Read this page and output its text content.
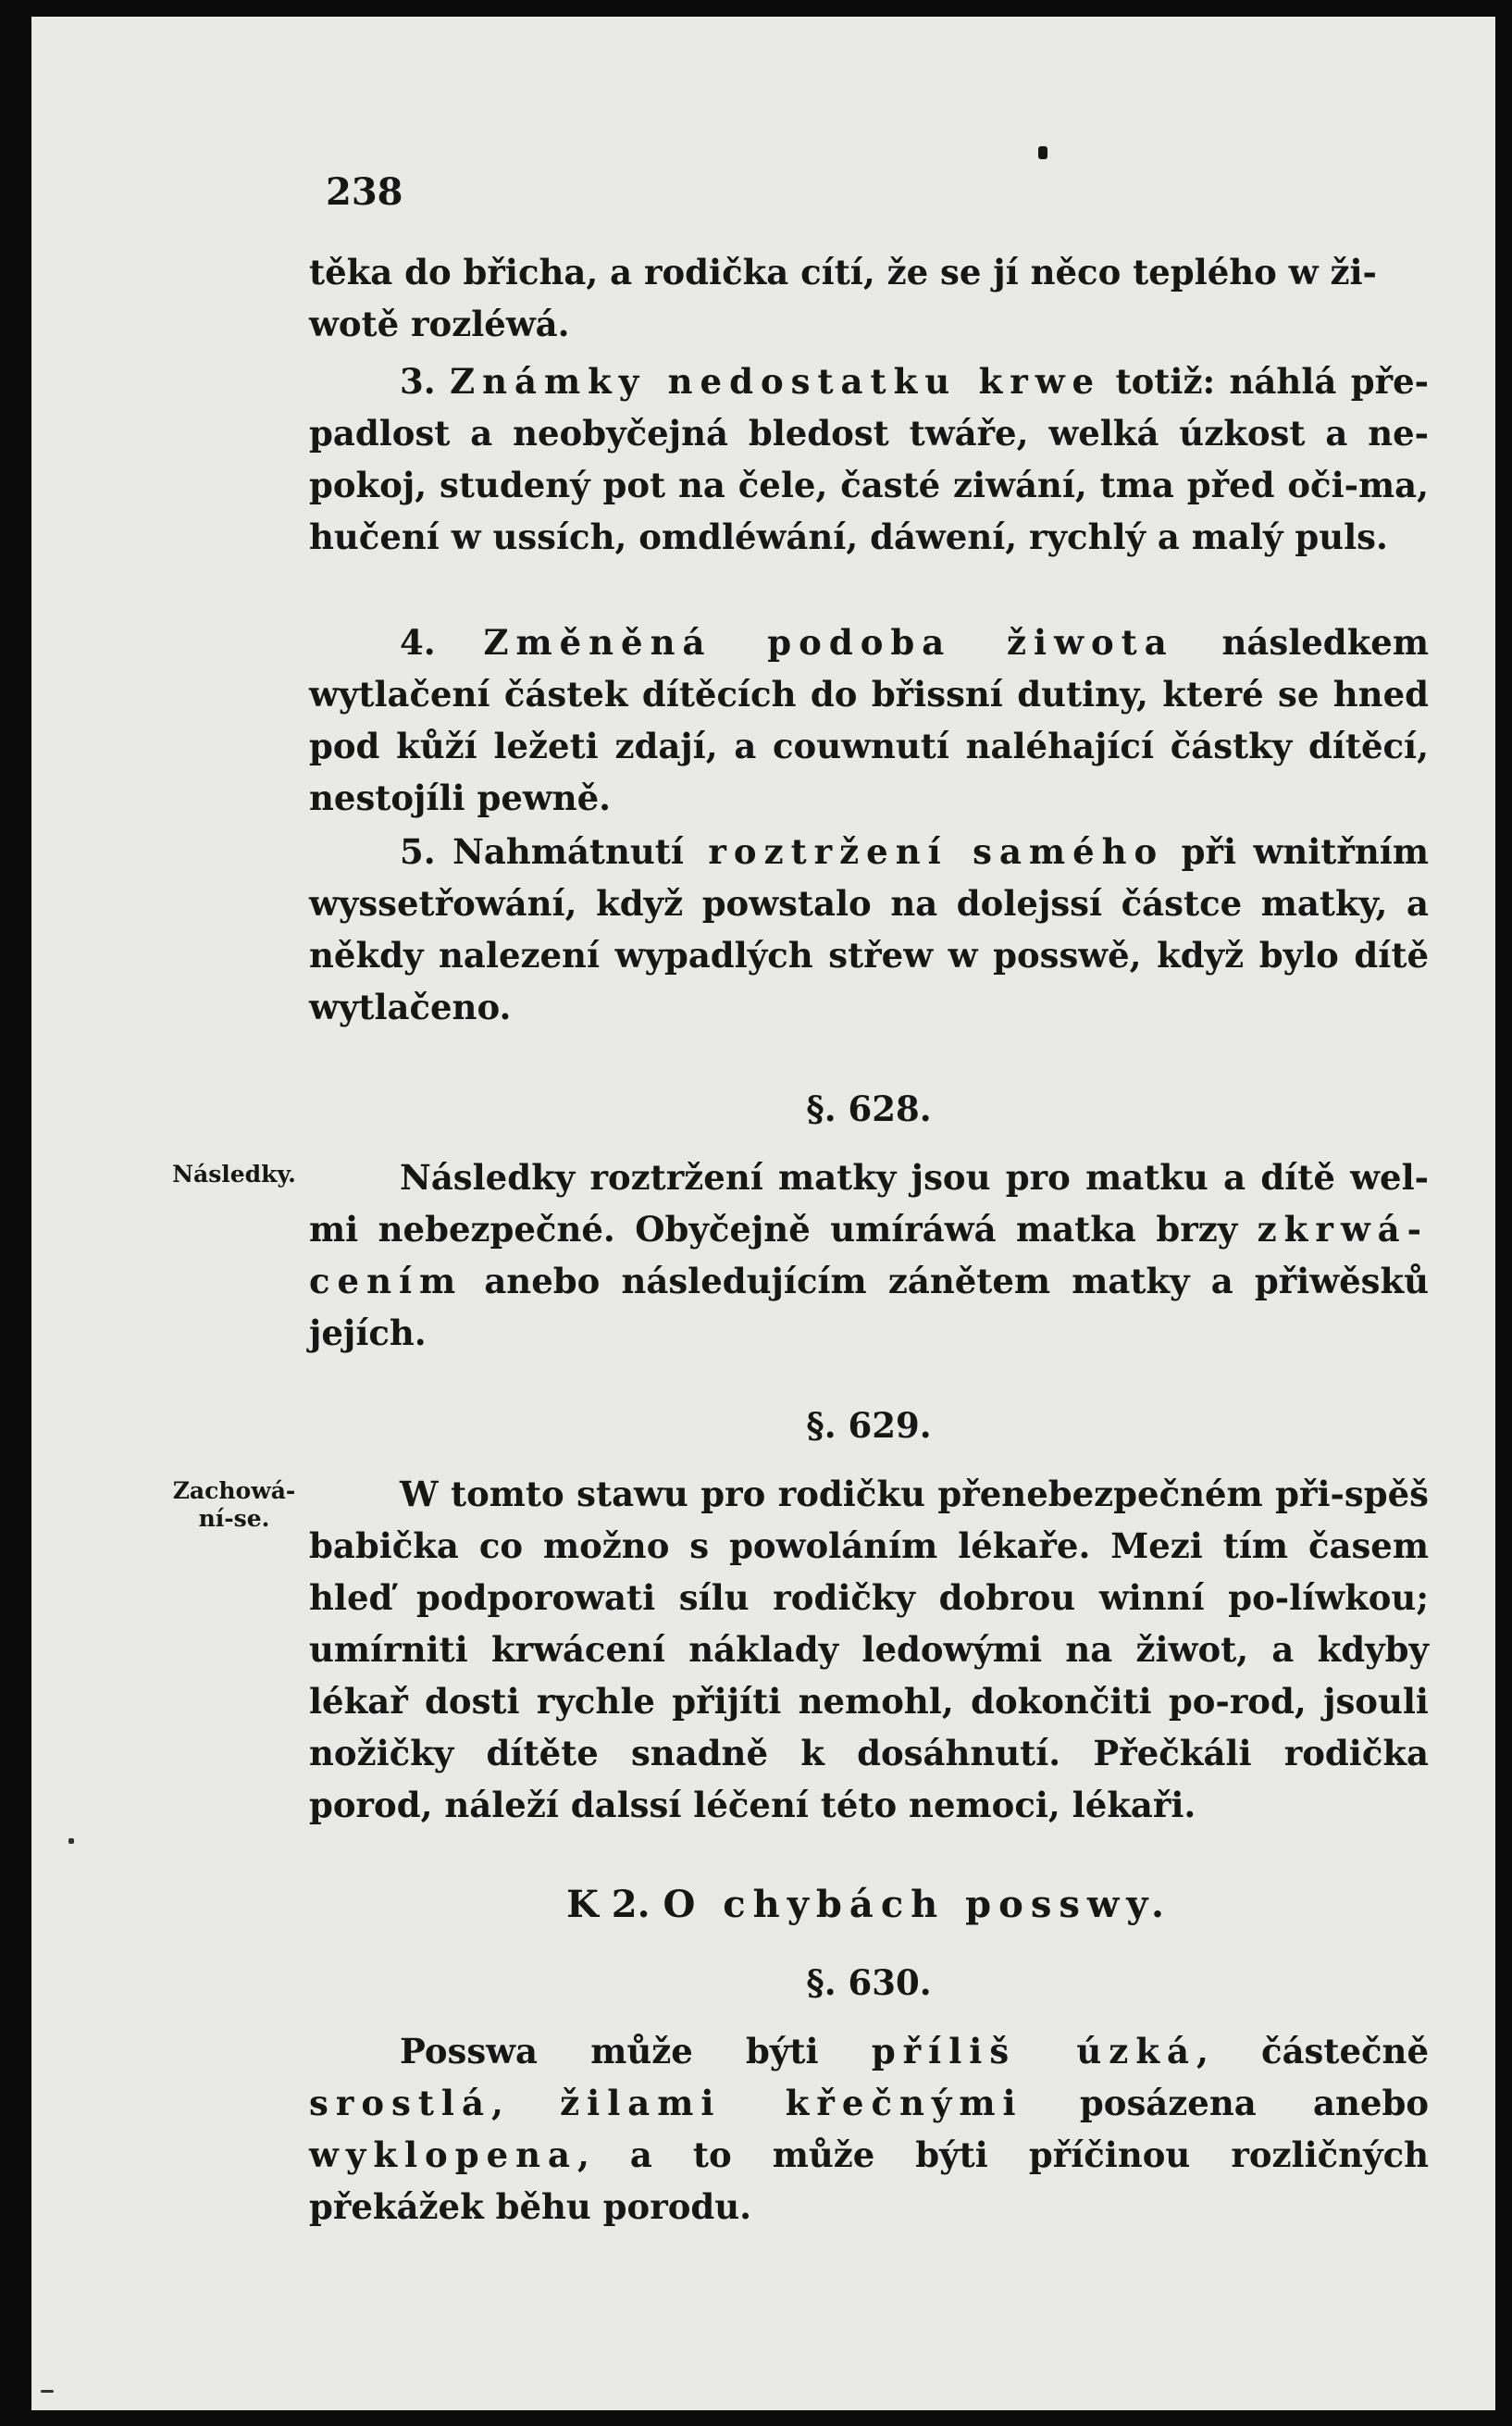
238

těka do břicha, a rodička cítí, že se jí něco teplého w ži-

wotě rozléwá.

3. Známky nedostatku krwe totiž: náhlá pře-padlost a neobyčejná bledost twáře, welká úzkost a ne-pokoj, studený pot na čele, časté ziwání, tma před oči-ma, hučení w ussích, omdléwání, dáwení, rychlý a malý puls.

4. Změněná podoba žiwota následkem wytlačení částek dítěcích do břissní dutiny, které se hned pod kůží ležeti zdají, a couwnutí naléhající částky dítěcí, nestojíli pewně.

5. Nahmátnutí roztržení samého při wnitřním wyssetřowání, když powstalo na dolejssí částce matky, a někdy nalezení wypadlých střew w posswě, když bylo dítě wytlačeno.

§. 628.
Následky.	Následky roztržení matky jsou pro matku a dítě wel-mi nebezpečné. Obyčejně umíráwá matka brzy zkrwá-cením anebo následujícím zánětem matky a přiwěsků jejích.

§. 629.
Zachowá-ní-se.

W tomto stawu pro rodičku přenebezpečném při-spěš babička co možno s powoláním lékaře. Mezi tím časem hleď podporowati sílu rodičky dobrou winní po-líwkou; umírniti krwácení náklady ledowými na žiwot, a kdyby lékař dosti rychle přijíti nemohl, dokončiti po-rod, jsouli nožičky dítěte snadně k dosáhnutí. Přečkáli rodička porod, náleží dalssí léčení této nemoci, lékaři.

K 2. O chybách posswy.
§. 630.

Posswa může býti příliš úzká, částečně srostlá, žilami křečnými posázena anebo wyklopena, a to může býti příčinou rozličných překážek běhu porodu.
